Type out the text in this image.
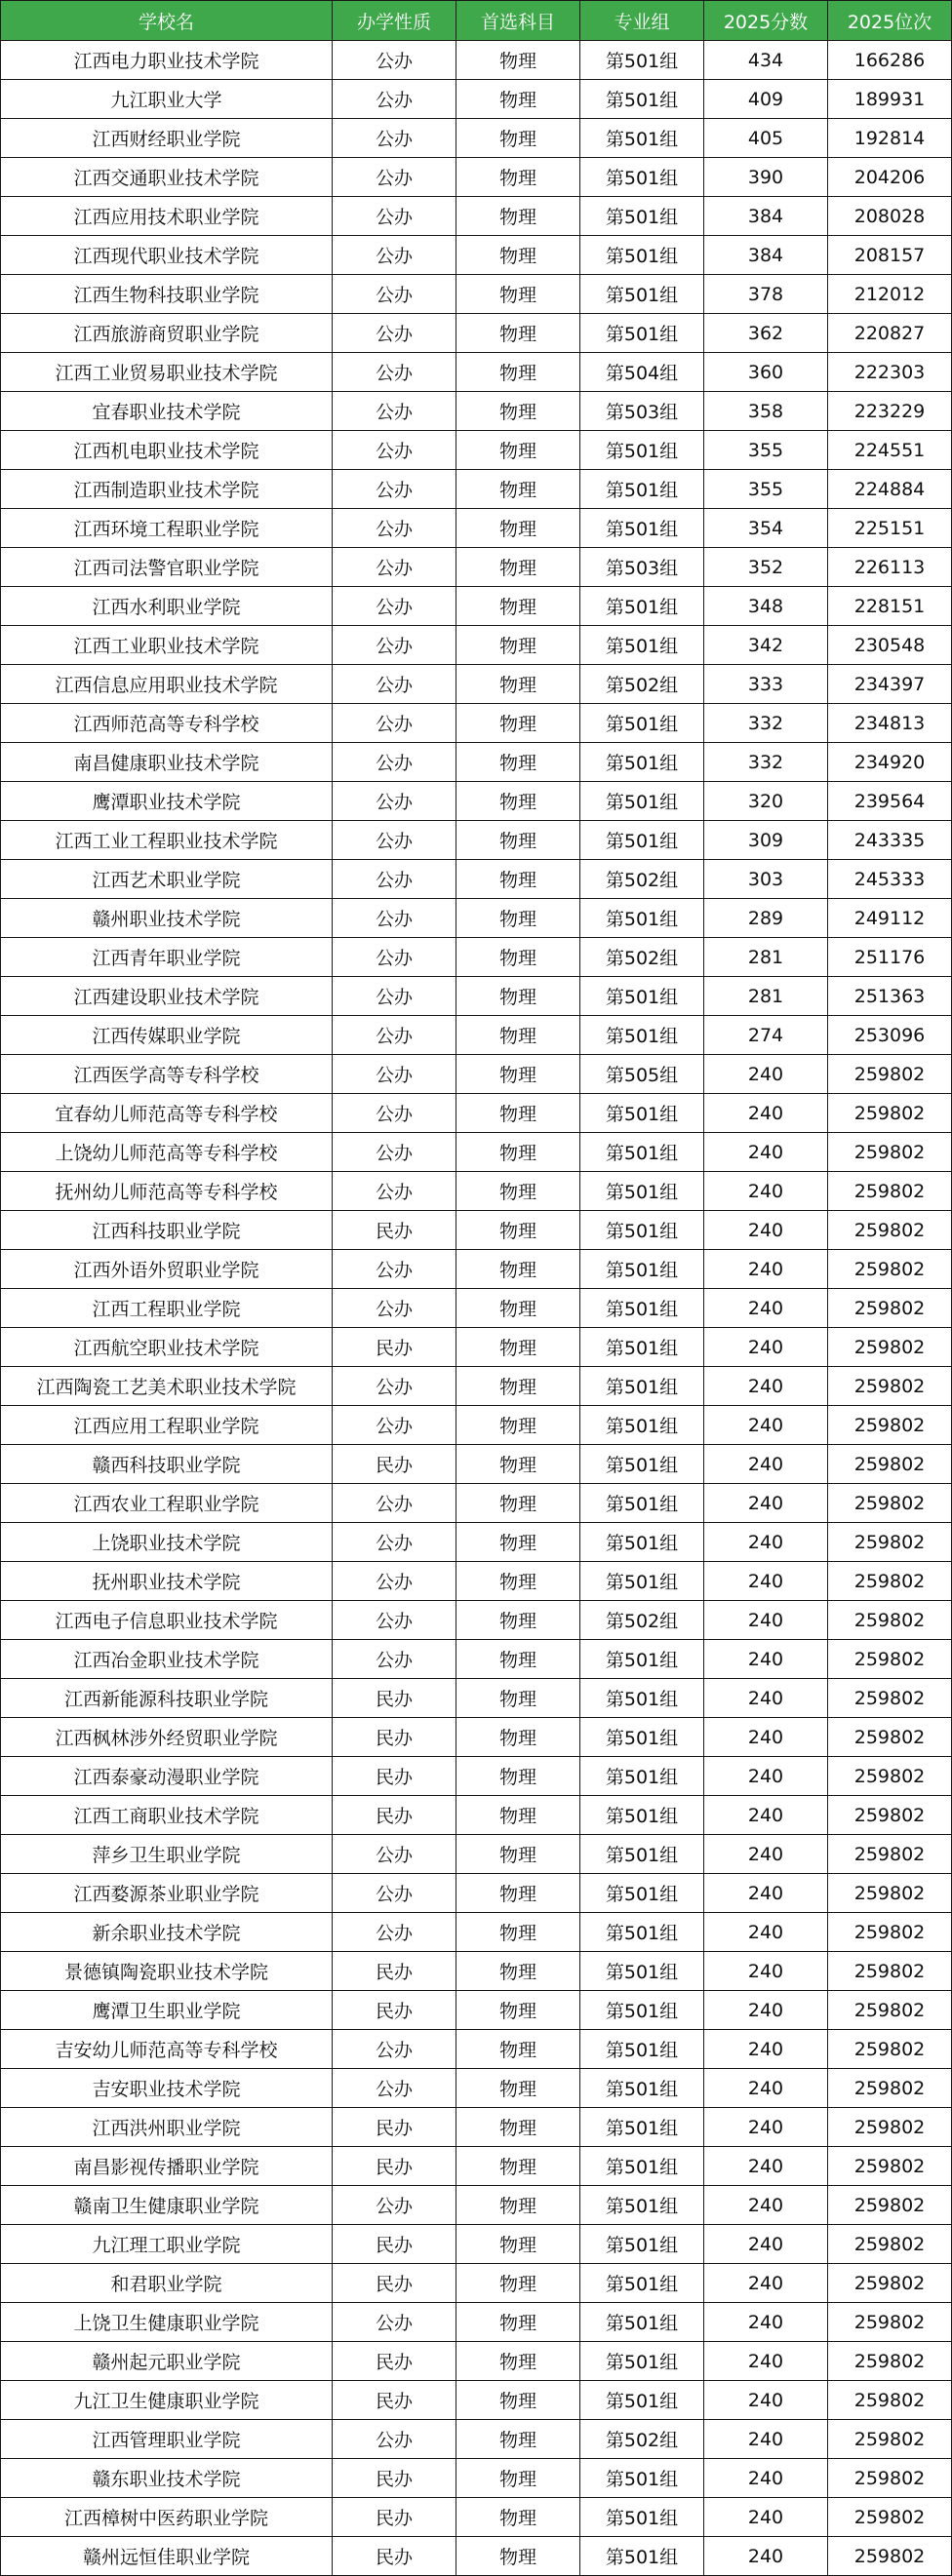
学校名	办学性质	首选科目	专业组	2025分数	2025位次
江西电力职业技术学院	公办	物理	第501组	434	166286
九江职业大学	公办	物理	第501组	409	189931
江西财经职业学院	公办	物理	第501组	405	192814
江西交通职业技术学院	公办	物理	第501组	390	204206
江西应用技术职业学院	公办	物理	第501组	384	208028
江西现代职业技术学院	公办	物理	第501组	384	208157
江西生物科技职业学院	公办	物理	第501组	378	212012
江西旅游商贸职业学院	公办	物理	第501组	362	220827
江西工业贸易职业技术学院	公办	物理	第504组	360	222303
宜春职业技术学院	公办	物理	第503组	358	223229
江西机电职业技术学院	公办	物理	第501组	355	224551
江西制造职业技术学院	公办	物理	第501组	355	224884
江西环境工程职业学院	公办	物理	第501组	354	225151
江西司法警官职业学院	公办	物理	第503组	352	226113
江西水利职业学院	公办	物理	第501组	348	228151
江西工业职业技术学院	公办	物理	第501组	342	230548
江西信息应用职业技术学院	公办	物理	第502组	333	234397
江西师范高等专科学校	公办	物理	第501组	332	234813
南昌健康职业技术学院	公办	物理	第501组	332	234920
鹰潭职业技术学院	公办	物理	第501组	320	239564
江西工业工程职业技术学院	公办	物理	第501组	309	243335
江西艺术职业学院	公办	物理	第502组	303	245333
赣州职业技术学院	公办	物理	第501组	289	249112
江西青年职业学院	公办	物理	第502组	281	251176
江西建设职业技术学院	公办	物理	第501组	281	251363
江西传媒职业学院	公办	物理	第501组	274	253096
江西医学高等专科学校	公办	物理	第505组	240	259802
宜春幼儿师范高等专科学校	公办	物理	第501组	240	259802
上饶幼儿师范高等专科学校	公办	物理	第501组	240	259802
抚州幼儿师范高等专科学校	公办	物理	第501组	240	259802
江西科技职业学院	民办	物理	第501组	240	259802
江西外语外贸职业学院	公办	物理	第501组	240	259802
江西工程职业学院	公办	物理	第501组	240	259802
江西航空职业技术学院	民办	物理	第501组	240	259802
江西陶瓷工艺美术职业技术学院	公办	物理	第501组	240	259802
江西应用工程职业学院	公办	物理	第501组	240	259802
赣西科技职业学院	民办	物理	第501组	240	259802
江西农业工程职业学院	公办	物理	第501组	240	259802
上饶职业技术学院	公办	物理	第501组	240	259802
抚州职业技术学院	公办	物理	第501组	240	259802
江西电子信息职业技术学院	公办	物理	第502组	240	259802
江西冶金职业技术学院	公办	物理	第501组	240	259802
江西新能源科技职业学院	民办	物理	第501组	240	259802
江西枫林涉外经贸职业学院	民办	物理	第501组	240	259802
江西泰豪动漫职业学院	民办	物理	第501组	240	259802
江西工商职业技术学院	民办	物理	第501组	240	259802
萍乡卫生职业学院	公办	物理	第501组	240	259802
江西婺源茶业职业学院	公办	物理	第501组	240	259802
新余职业技术学院	公办	物理	第501组	240	259802
景德镇陶瓷职业技术学院	民办	物理	第501组	240	259802
鹰潭卫生职业学院	民办	物理	第501组	240	259802
吉安幼儿师范高等专科学校	公办	物理	第501组	240	259802
吉安职业技术学院	公办	物理	第501组	240	259802
江西洪州职业学院	民办	物理	第501组	240	259802
南昌影视传播职业学院	民办	物理	第501组	240	259802
赣南卫生健康职业学院	公办	物理	第501组	240	259802
九江理工职业学院	民办	物理	第501组	240	259802
和君职业学院	民办	物理	第501组	240	259802
上饶卫生健康职业学院	公办	物理	第501组	240	259802
赣州起元职业学院	民办	物理	第501组	240	259802
九江卫生健康职业学院	民办	物理	第501组	240	259802
江西管理职业学院	公办	物理	第502组	240	259802
赣东职业技术学院	民办	物理	第501组	240	259802
江西樟树中医药职业学院	民办	物理	第501组	240	259802
赣州远恒佳职业学院	民办	物理	第501组	240	259802
